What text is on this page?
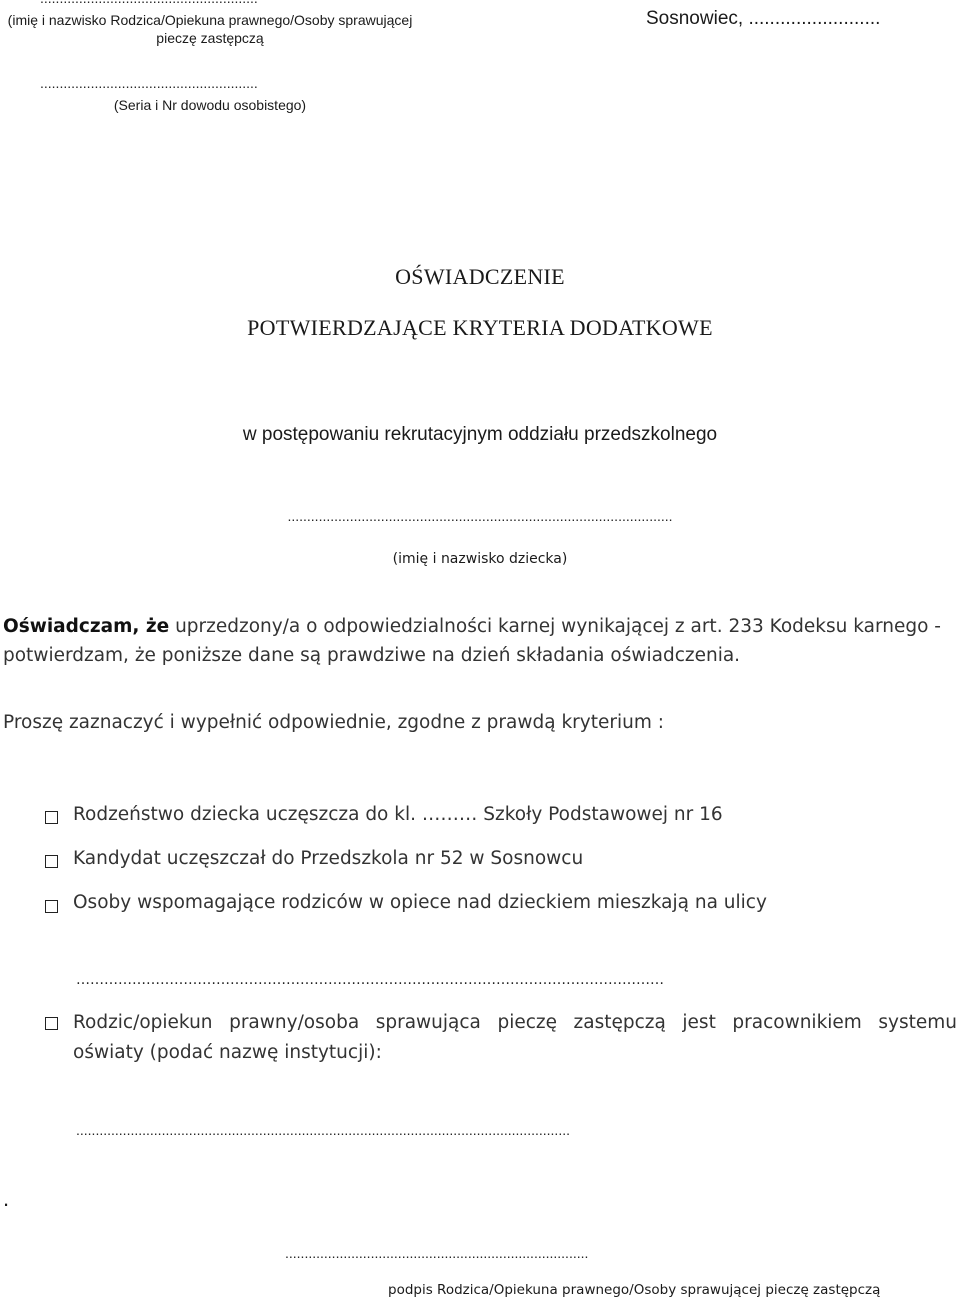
(imię i nazwisko Rodzica/Opiekuna prawnego/Osoby sprawującej pieczę zastępczą
Sosnowiec, .........................
........................................................
(Seria i Nr dowodu osobistego)
OŚWIADCZENIE
POTWIERDZAJĄCE KRYTERIA DODATKOWE
w postępowaniu rekrutacyjnym oddziału przedszkolnego
...................................................................................................
(imię i nazwisko dziecka)
Oświadczam, że uprzedzony/a o odpowiedzialności karnej wynikającej z art. 233 Kodeksu karnego - potwierdzam, że poniższe dane są prawdziwe na dzień składania oświadczenia.
Proszę zaznaczyć i wypełnić odpowiednie, zgodne z prawdą kryterium :
Rodzeństwo dziecka uczęszcza do kl. ……… Szkoły Podstawowej nr 16
Kandydat uczęszczał do Przedszkola nr 52 w Sosnowcu
Osoby wspomagające rodziców w opiece nad dzieckiem mieszkają na ulicy
………………………………………………………………………………………………………………
Rodzic/opiekun prawny/osoba sprawująca pieczę zastępczą jest pracownikiem systemu oświaty (podać nazwę instytucji):
...............................................................................................................................
.
..............................................................................
podpis Rodzica/Opiekuna prawnego/Osoby sprawującej pieczę zastępczą
